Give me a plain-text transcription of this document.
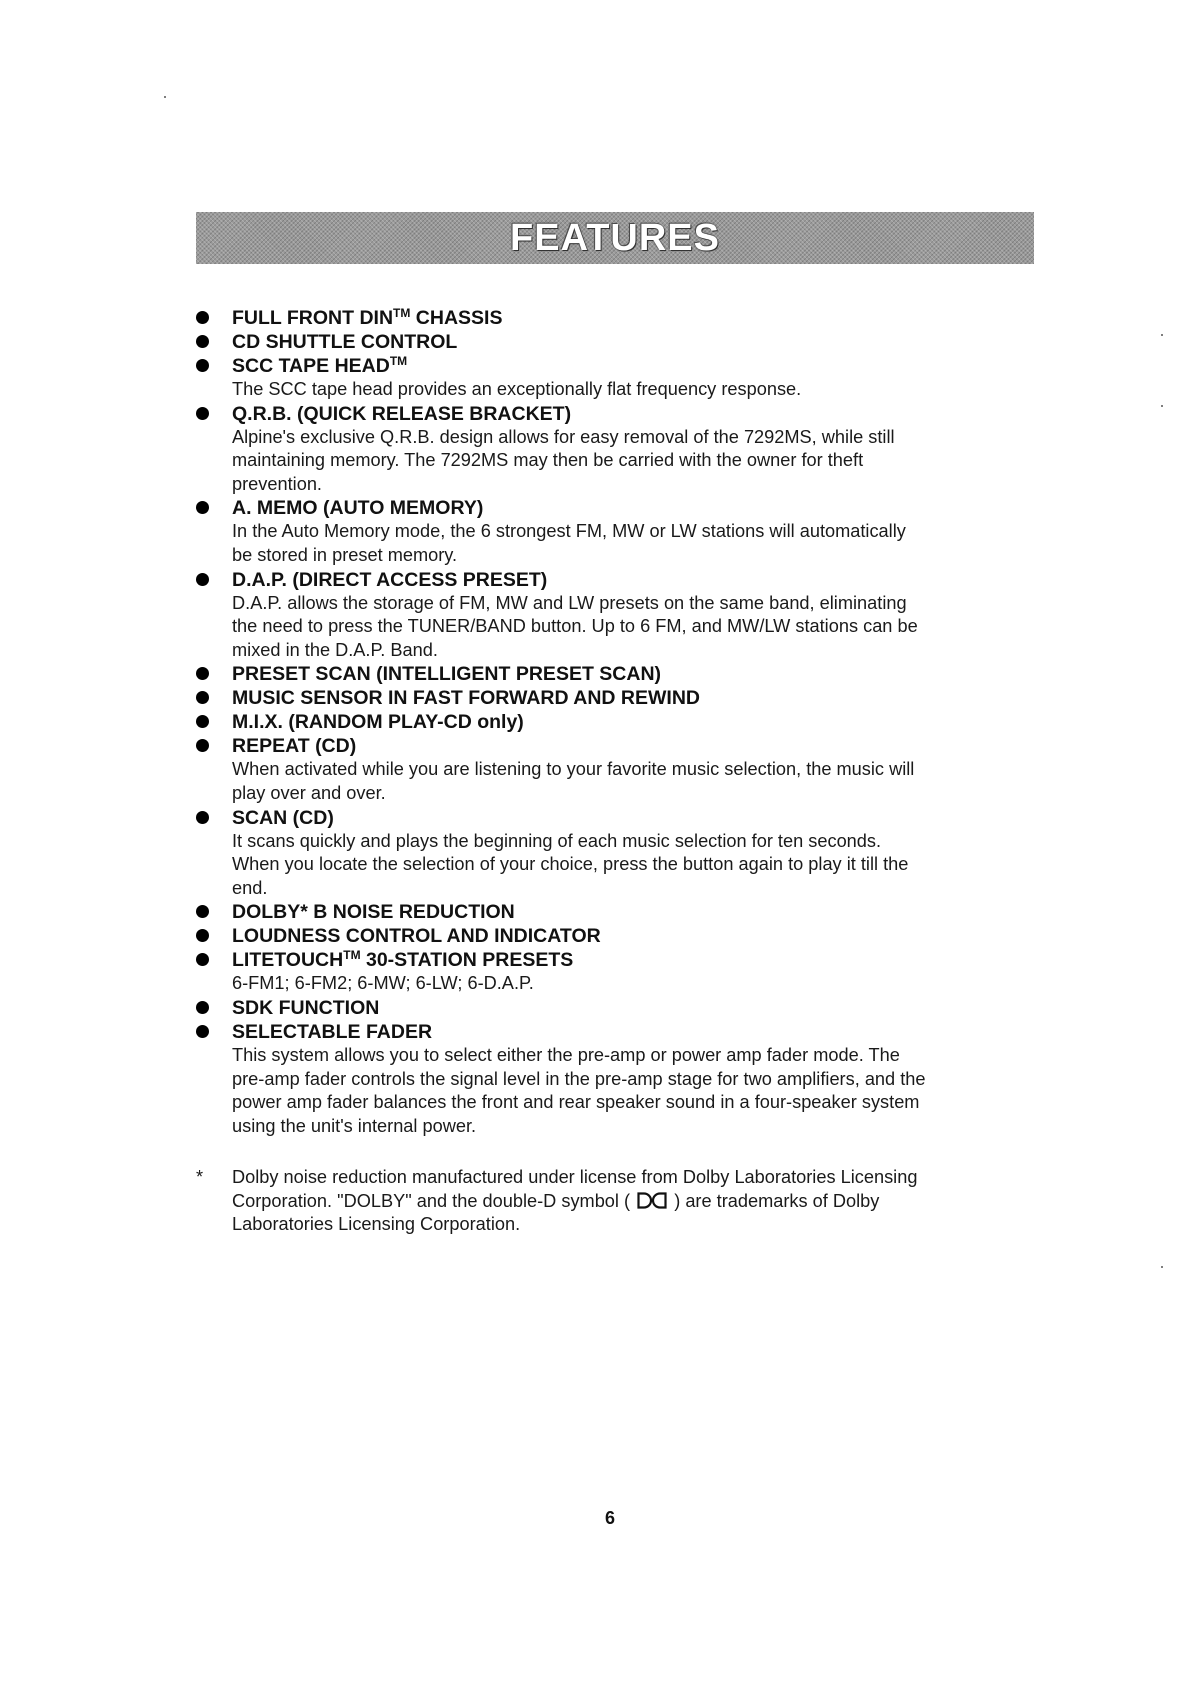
FEATURES
FULL FRONT DIN™ CHASSIS
CD SHUTTLE CONTROL
SCC TAPE HEAD™
The SCC tape head provides an exceptionally flat frequency response.
Q.R.B. (QUICK RELEASE BRACKET)
Alpine's exclusive Q.R.B. design allows for easy removal of the 7292MS, while still
maintaining memory. The 7292MS may then be carried with the owner for theft
prevention.
A. MEMO (AUTO MEMORY)
In the Auto Memory mode, the 6 strongest FM, MW or LW stations will automatically
be stored in preset memory.
D.A.P. (DIRECT ACCESS PRESET)
D.A.P. allows the storage of FM, MW and LW presets on the same band, eliminating
the need to press the TUNER/BAND button. Up to 6 FM, and MW/LW stations can be
mixed in the D.A.P. Band.
PRESET SCAN (INTELLIGENT PRESET SCAN)
MUSIC SENSOR IN FAST FORWARD AND REWIND
M.I.X. (RANDOM PLAY-CD only)
REPEAT (CD)
When activated while you are listening to your favorite music selection, the music will
play over and over.
SCAN (CD)
It scans quickly and plays the beginning of each music selection for ten seconds.
When you locate the selection of your choice, press the button again to play it till the
end.
DOLBY* B NOISE REDUCTION
LOUDNESS CONTROL AND INDICATOR
LITETOUCH™ 30-STATION PRESETS
6-FM1; 6-FM2; 6-MW; 6-LW; 6-D.A.P.
SDK FUNCTION
SELECTABLE FADER
This system allows you to select either the pre-amp or power amp fader mode. The
pre-amp fader controls the signal level in the pre-amp stage for two amplifiers, and the
power amp fader balances the front and rear speaker sound in a four-speaker system
using the unit's internal power.
*	Dolby noise reduction manufactured under license from Dolby Laboratories Licensing
Corporation. "DOLBY" and the double-D symbol ( ) are trademarks of Dolby
Laboratories Licensing Corporation.
6
